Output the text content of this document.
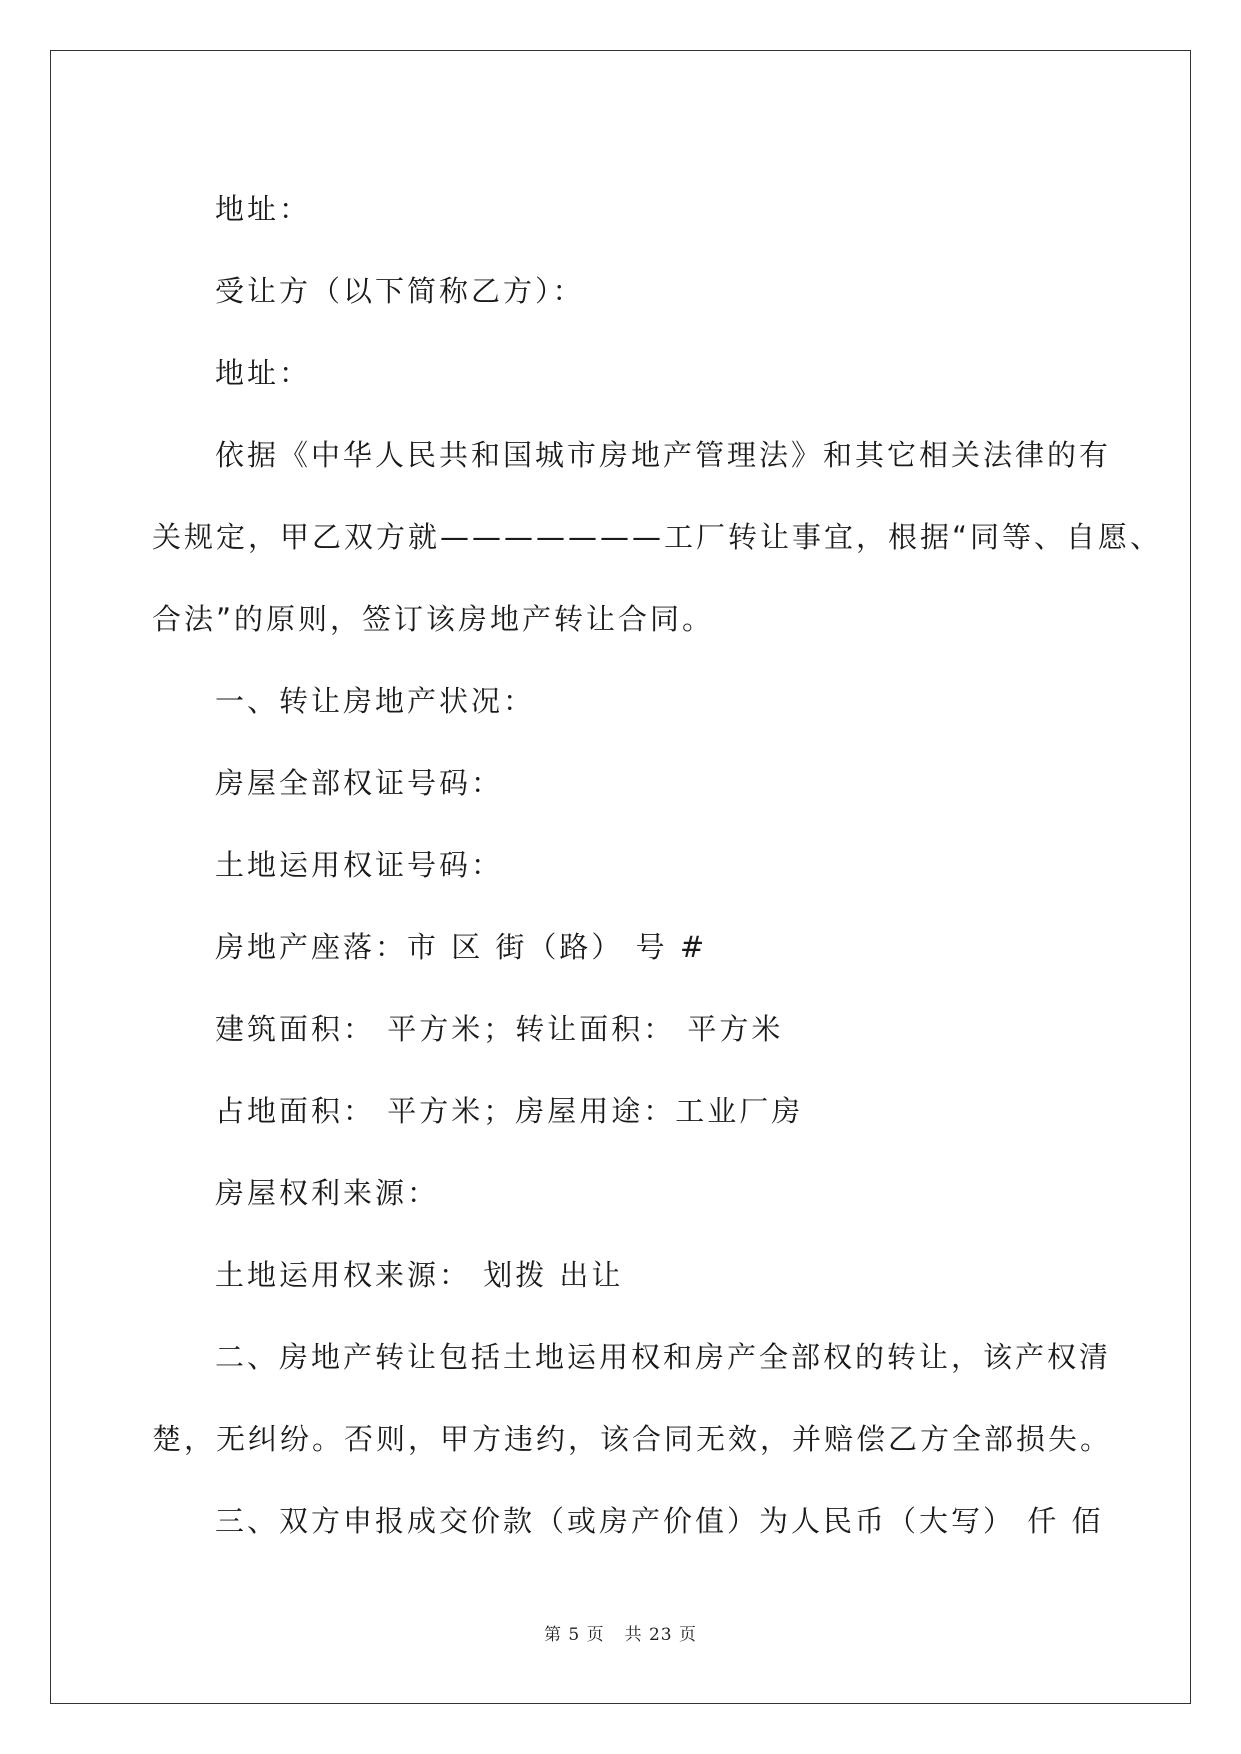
地址：

受让方（以下简称乙方）：

地址：

依据《中华人民共和国城市房地产管理法》和其它相关法律的有
关规定，甲乙双方就———————工厂转让事宜，根据“同等、自愿、
合法”的原则，签订该房地产转让合同。

一、转让房地产状况：

房屋全部权证号码：

土地运用权证号码：

房地产座落：市 区 街（路） 号 #

建筑面积： 平方米；转让面积： 平方米

占地面积： 平方米；房屋用途：工业厂房

房屋权利来源：

土地运用权来源： 划拨 出让

二、房地产转让包括土地运用权和房产全部权的转让，该产权清
楚，无纠纷。否则，甲方违约，该合同无效，并赔偿乙方全部损失。

三、双方申报成交价款（或房产价值）为人民币（大写） 仟 佰

第 5 页 共 23 页
